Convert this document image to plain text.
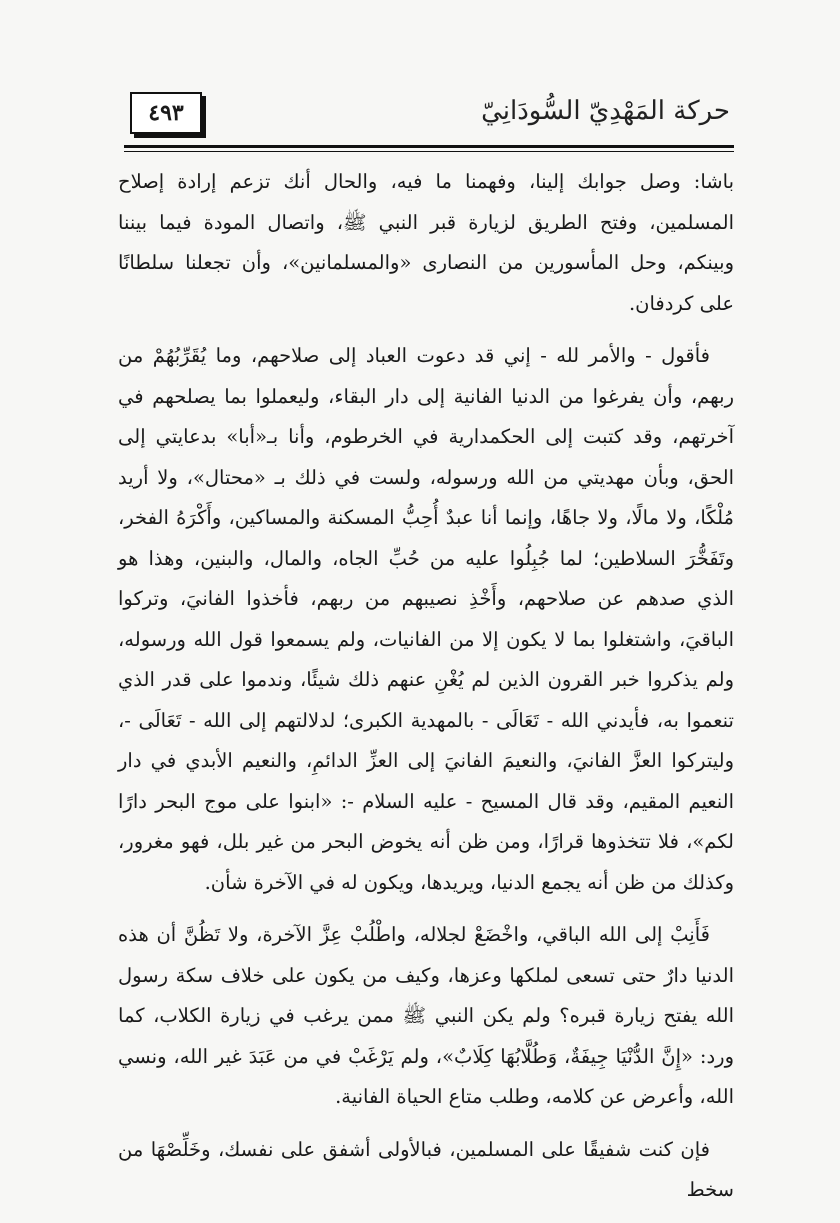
حركة المَهْدِيّ السُّودَانِيّ
٤٩٣

باشا: وصل جوابك إلينا، وفهمنا ما فيه، والحال أنك تزعم إرادة إصلاح المسلمين، وفتح الطريق لزيارة قبر النبي ﷺ، واتصال المودة فيما بيننا وبينكم، وحل المأسورين من النصارى «والمسلمانين»، وأن تجعلنا سلطانًا على كردفان.

فأقول - والأمر لله - إني قد دعوت العباد إلى صلاحهم، وما يُقَرِّبُهُمْ من ربهم، وأن يفرغوا من الدنيا الفانية إلى دار البقاء، وليعملوا بما يصلحهم في آخرتهم، وقد كتبت إلى الحكمدارية في الخرطوم، وأنا بـ«أبا» بدعايتي إلى الحق، وبأن مهديتي من الله ورسوله، ولست في ذلك بـ «محتال»، ولا أريد مُلْكًا، ولا مالًا، ولا جاهًا، وإنما أنا عبدٌ أُحِبُّ المسكنة والمساكين، وأَكْرَهُ الفخر، وتَفَخُّرَ السلاطين؛ لما جُبِلُوا عليه من حُبِّ الجاه، والمال، والبنين، وهذا هو الذي صدهم عن صلاحهم، وأَخْذِ نصيبهم من ربهم، فأخذوا الفانيَ، وتركوا الباقيَ، واشتغلوا بما لا يكون إلا من الفانيات، ولم يسمعوا قول الله ورسوله، ولم يذكروا خبر القرون الذين لم يُغْنِ عنهم ذلك شيئًا، وندموا على قدر الذي تنعموا به، فأيدني الله - تَعَالَى - بالمهدية الكبرى؛ لدلالتهم إلى الله - تَعَالَى -، وليتركوا العزَّ الفانيَ، والنعيمَ الفانيَ إلى العزِّ الدائمِ، والنعيم الأبدي في دار النعيم المقيم، وقد قال المسيح - عليه السلام -: «ابنوا على موج البحر دارًا لكم»، فلا تتخذوها قرارًا، ومن ظن أنه يخوض البحر من غير بلل، فهو مغرور، وكذلك من ظن أنه يجمع الدنيا، ويريدها، ويكون له في الآخرة شأن.

فَأَنِبْ إلى الله الباقي، واخْضَعْ لجلاله، واطْلُبْ عِزَّ الآخرة، ولا تَظُنَّ أن هذه الدنيا دارٌ حتى تسعى لملكها وعزها، وكيف من يكون على خلاف سكة رسول الله يفتح زيارة قبره؟ ولم يكن النبي ﷺ ممن يرغب في زيارة الكلاب، كما ورد: «إِنَّ الدُّنْيَا جِيفَةٌ، وَطُلَّابُهَا كِلَابٌ»، ولم يَرْغَبْ في من عَبَدَ غير الله، ونسي الله، وأعرض عن كلامه، وطلب متاع الحياة الفانية.

فإن كنت شفيقًا على المسلمين، فبالأولى أشفق على نفسك، وخَلِّصْهَا من سخط
